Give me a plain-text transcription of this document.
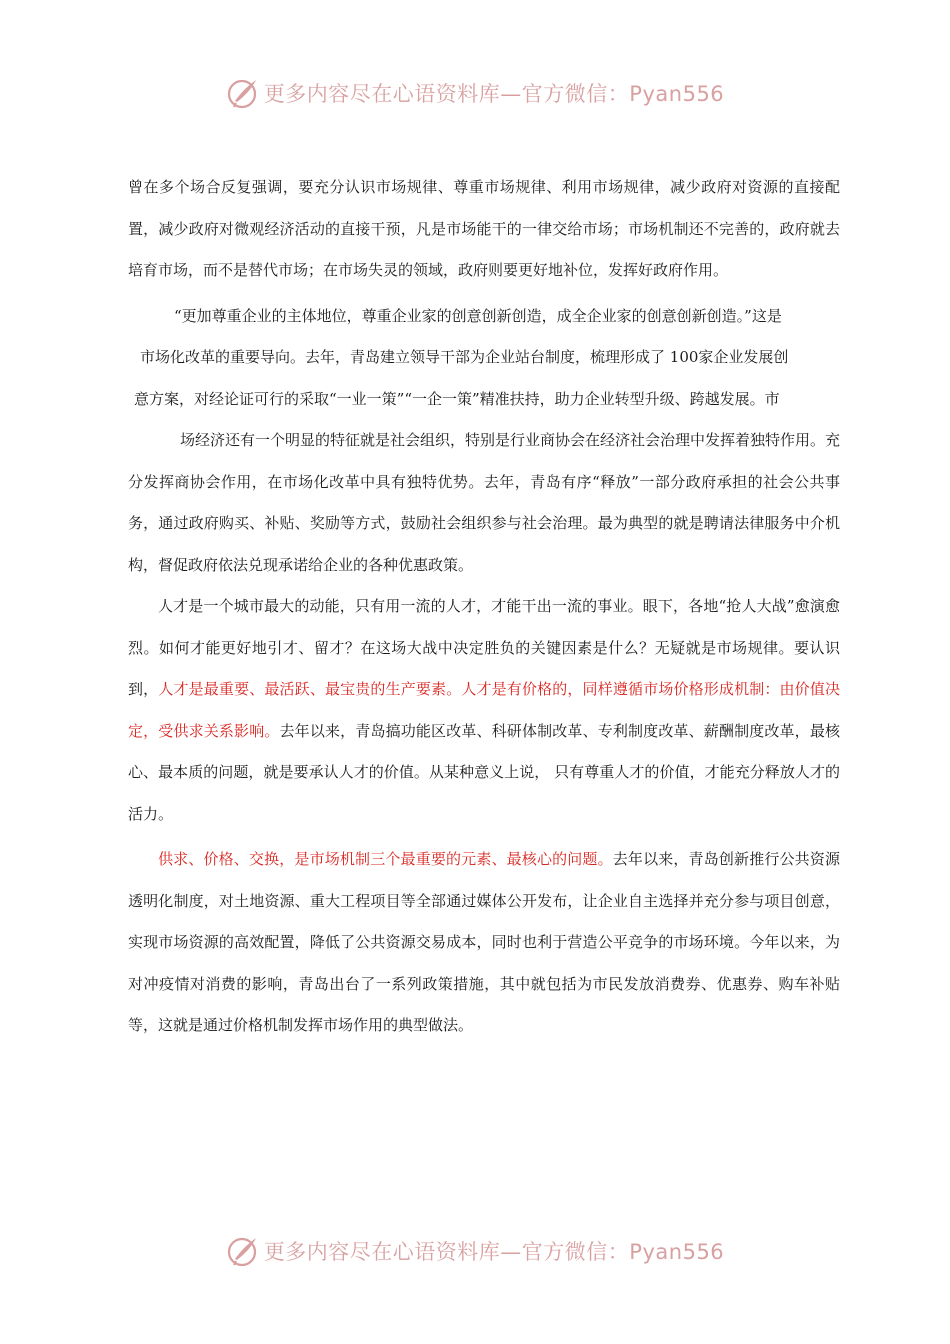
更多内容尽在心语资料库—官方微信：Pyan556

曾在多个场合反复强调，要充分认识市场规律、尊重市场规律、利用市场规律，减少政府对资源的直接配置，减少政府对微观经济活动的直接干预，凡是市场能干的一律交给市场；市场机制还不完善的，政府就去培育市场，而不是替代市场；在市场失灵的领域，政府则要更好地补位，发挥好政府作用。

“更加尊重企业的主体地位，尊重企业家的创意创新创造，成全企业家的创意创新创造。”这是

市场化改革的重要导向。去年，青岛建立领导干部为企业站台制度，梳理形成了 100家企业发展创

意方案，对经论证可行的采取“一业一策”“一企一策”精准扶持，助力企业转型升级、跨越发展。市

场经济还有一个明显的特征就是社会组织，特别是行业商协会在经济社会治理中发挥着独特作用。充分发挥商协会作用，在市场化改革中具有独特优势。去年，青岛有序“释放”一部分政府承担的社会公共事务，通过政府购买、补贴、奖励等方式，鼓励社会组织参与社会治理。最为典型的就是聘请法律服务中介机构，督促政府依法兑现承诺给企业的各种优惠政策。

人才是一个城市最大的动能，只有用一流的人才，才能干出一流的事业。眼下，各地“抢人大战”愈演愈烈。如何才能更好地引才、留才？在这场大战中决定胜负的关键因素是什么？无疑就是市场规律。要认识到，人才是最重要、最活跃、最宝贵的生产要素。人才是有价格的，同样遵循市场价格形成机制：由价值决定，受供求关系影响。去年以来，青岛搞功能区改革、科研体制改革、专利制度改革、薪酬制度改革，最核心、最本质的问题，就是要承认人才的价值。从某种意义上说， 只有尊重人才的价值，才能充分释放人才的活力。

供求、价格、交换，是市场机制三个最重要的元素、最核心的问题。去年以来，青岛创新推行公共资源透明化制度，对土地资源、重大工程项目等全部通过媒体公开发布，让企业自主选择并充分参与项目创意，实现市场资源的高效配置，降低了公共资源交易成本，同时也利于营造公平竞争的市场环境。今年以来，为对冲疫情对消费的影响，青岛出台了一系列政策措施，其中就包括为市民发放消费券、优惠券、购车补贴等，这就是通过价格机制发挥市场作用的典型做法。

更多内容尽在心语资料库—官方微信：Pyan556
